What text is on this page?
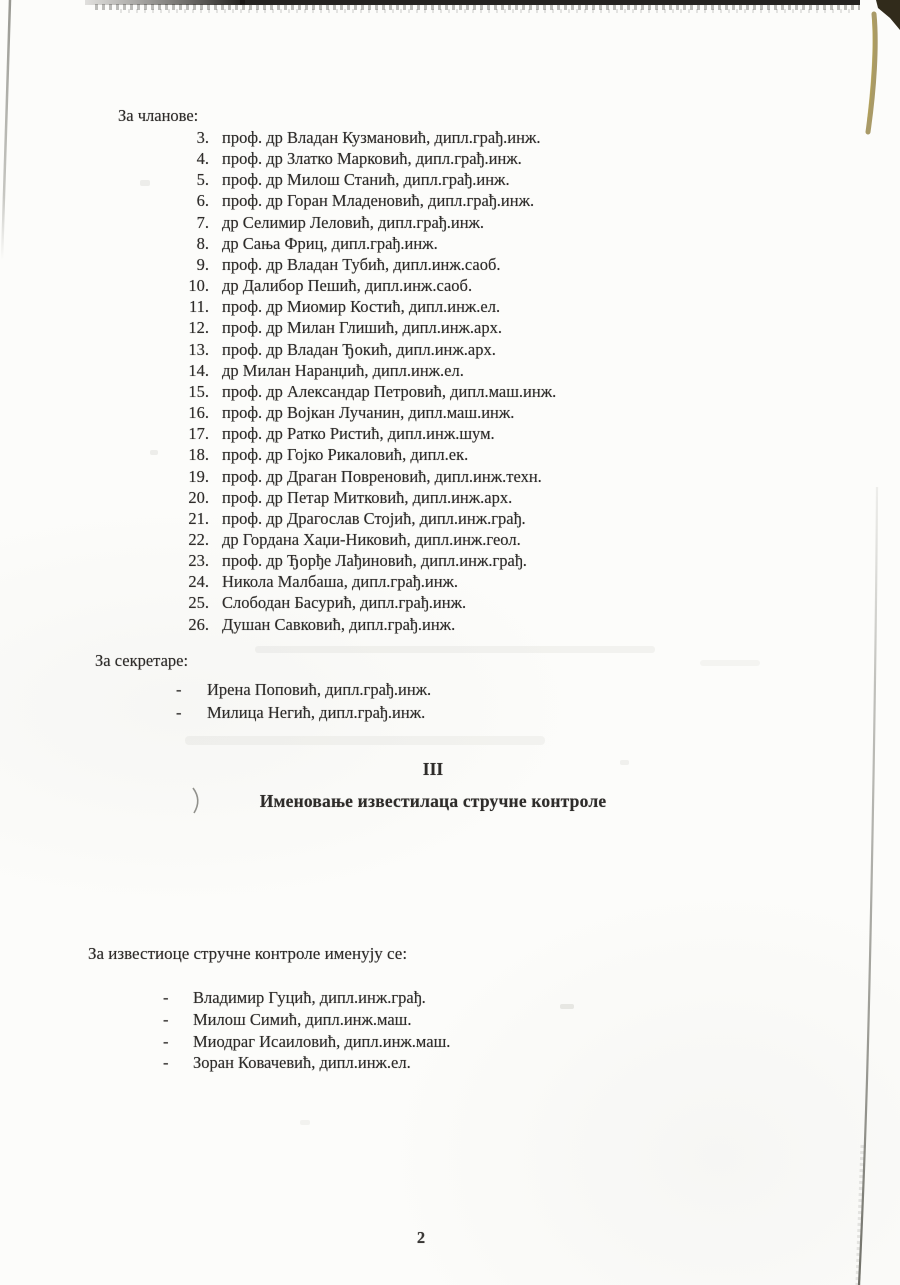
За чланове:
3. проф. др Владан Кузмановић, дипл.грађ.инж.
4. проф. др Златко Марковић, дипл.грађ.инж.
5. проф. др Милош Станић, дипл.грађ.инж.
6. проф. др Горан Младеновић, дипл.грађ.инж.
7. др Селимир Леловић, дипл.грађ.инж.
8. др Сања Фриц, дипл.грађ.инж.
9. проф. др Владан Тубић, дипл.инж.саоб.
10. др Далибор Пешић, дипл.инж.саоб.
11. проф. др Миомир Костић, дипл.инж.ел.
12. проф. др Милан Глишић, дипл.инж.арх.
13. проф. др Владан Ђокић, дипл.инж.арх.
14. др Милан Наранџић, дипл.инж.ел.
15. проф. др Александар Петровић, дипл.маш.инж.
16. проф. др Војкан Лучанин, дипл.маш.инж.
17. проф. др Ратко Ристић, дипл.инж.шум.
18. проф. др Гојко Рикаловић, дипл.ек.
19. проф. др Драган Повреновић, дипл.инж.техн.
20. проф. др Петар Митковић, дипл.инж.арх.
21. проф. др Драгослав Стојић, дипл.инж.грађ.
22. др Гордана Хаџи-Никовић, дипл.инж.геол.
23. проф. др Ђорђе Лађиновић, дипл.инж.грађ.
24. Никола Малбаша, дипл.грађ.инж.
25. Слободан Басурић, дипл.грађ.инж.
26. Душан Савковић, дипл.грађ.инж.
За секретаре:
- Ирена Поповић, дипл.грађ.инж.
- Милица Негић, дипл.грађ.инж.
III
Именовање известилаца стручне контроле
За известиоце стручне контроле именују се:
- Владимир Гуцић, дипл.инж.грађ.
- Милош Симић, дипл.инж.маш.
- Миодраг Исаиловић, дипл.инж.маш.
- Зоран Ковачевић, дипл.инж.ел.
2
